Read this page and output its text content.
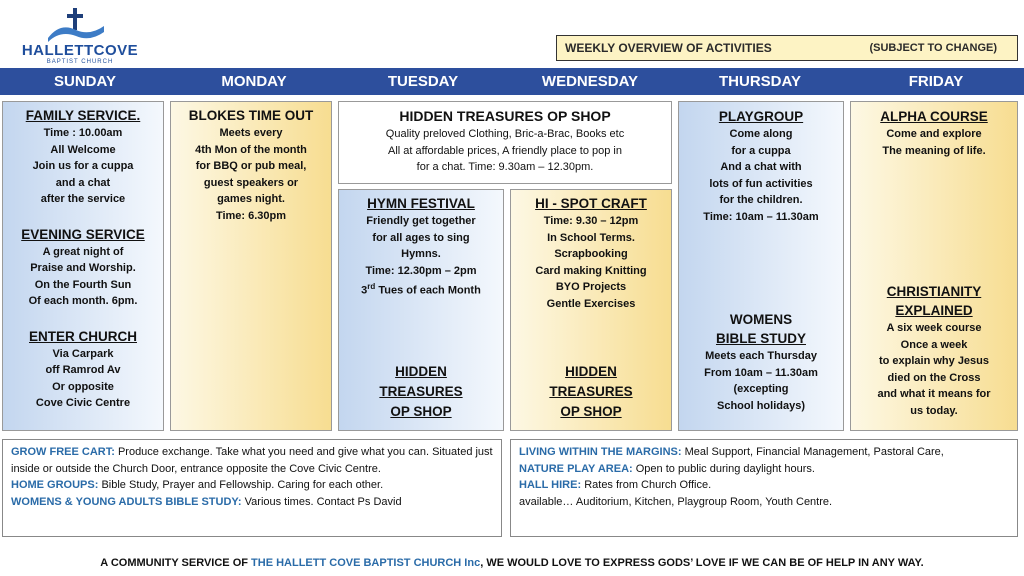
HALLETTCOVE
BAPTIST CHURCH
WEEKLY OVERVIEW OF ACTIVITIES	(SUBJECT TO CHANGE)
SUNDAY	MONDAY	TUESDAY	WEDNESDAY	THURSDAY	FRIDAY
FAMILY SERVICE.
Time : 10.00am
All Welcome
Join us for a cuppa
and a chat
after the service
EVENING SERVICE
A great night of
Praise and Worship.
On the Fourth Sun
Of each month. 6pm.
ENTER CHURCH
Via Carpark
off Ramrod Av
Or opposite
Cove Civic Centre
BLOKES TIME OUT
Meets every
4th Mon of the month
for BBQ or pub meal,
guest speakers or
games night.
Time: 6.30pm
HIDDEN TREASURES OP SHOP
Quality preloved Clothing, Bric-a-Brac, Books etc
All at affordable prices, A friendly place to pop in
for a chat. Time: 9.30am – 12.30pm.
HYMN FESTIVAL
Friendly get together
for all ages to sing
Hymns.
Time: 12.30pm – 2pm
3rd Tues of each Month
HIDDEN
TREASURES
OP SHOP
HI - SPOT CRAFT
Time: 9.30 – 12pm
In School Terms.
Scrapbooking
Card making Knitting
BYO Projects
Gentle Exercises
HIDDEN
TREASURES
OP SHOP
PLAYGROUP
Come along
for a cuppa
And a chat with
lots of fun activities
for the children.
Time: 10am – 11.30am
WOMENS
BIBLE STUDY
Meets each Thursday
From 10am – 11.30am
(excepting
School holidays)
ALPHA COURSE
Come and explore
The meaning of life.
CHRISTIANITY
EXPLAINED
A six week course
Once a week
to explain why Jesus
died on the Cross
and what it means for
us today.
GROW FREE CART: Produce exchange. Take what you need and give what you can. Situated just inside or outside the Church Door, entrance opposite the Cove Civic Centre.
HOME GROUPS: Bible Study, Prayer and Fellowship. Caring for each other.
WOMENS & YOUNG ADULTS BIBLE STUDY: Various times. Contact Ps David
LIVING WITHIN THE MARGINS: Meal Support, Financial Management, Pastoral Care,
NATURE PLAY AREA: Open to public during daylight hours.
HALL HIRE: Rates from Church Office.
available… Auditorium, Kitchen, Playgroup Room, Youth Centre.
A COMMUNITY SERVICE OF THE HALLETT COVE BAPTIST CHURCH Inc, WE WOULD LOVE TO EXPRESS GODS’ LOVE IF WE CAN BE OF HELP IN ANY WAY.
